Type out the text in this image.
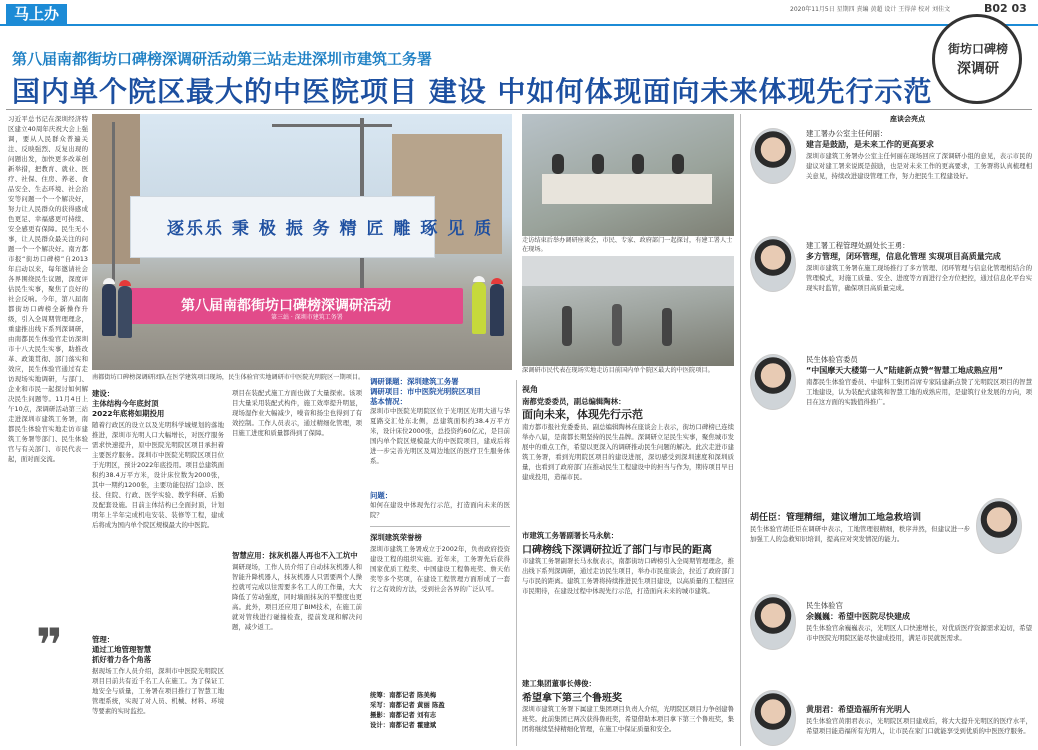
马上办	2020年11月5日 星期四 責編 黄超 设计 王得萍 校对 刘佳文	B02 03
街坊口碑榜
深调研
第八届南都街坊口碑榜深调研活动第三站走进深圳市建筑工务署
国内单个院区最大的中医院项目 建设 中如何体现面向未来体现先行示范
习近平总书记在深圳经济特区建立40周年庆祝大会上强调，要从人民群众普遍关注、反映强烈、反复出现的问题出发，加快更多改革创新举措，把教育、就业、医疗、社保、住房、养老、食品安全、生态环境、社会治安等问题一个一个解决好，努力让人民群众的获得感成色更足、幸福感更可持续、安全感更有保障。民生无小事，让人民群众最关注的问题一个一个解决好。南方都市报“街坊口碑榜”自2013年启动以来，每年邀请社会各界围绕民生议题，深度评估民生实事，聚焦了良好的社会反响。今年，第八届南都街坊口碑榜全新操作升级，引入全周期管理理念，重建推出线下系列深调研，由南都民生体验官走访深圳市十八大民生实事，助推改革、政策贯彻、部门落实和效应，民生体验官通过有走访现场实地调研，与部门、企业和市民一起探讨如何解决民生问题等。11月4日上午10点，深调研活动第三站走进深圳市建筑工务署，南都民生体验官实地走访市建筑工务署等部门、民生体验官与有关部门、市民代表一起，面对面交流。
❞
逐乐乐 秉 极 振 务 精 匠 雕 琢 见 质
第八届南都街坊口碑榜深调研活动
第三站 · 深圳市建筑工务署
南都街坊口碑榜深调研团队在医学建筑项目现场，民生体验官实地调研市中医院光明院区一期项目。
走访结束后举办调研座谈会，市民、专家、政府部门一起探讨，有建工署人士在现场。
深调研市民代表在现场实地走访目前国内单个院区最大的中医院项目。
建设：
主体结构今年底封顶
2022年底将如期投用
随着行政区的设立以及光明科学城规划的落地推进，深圳市光明人口大幅增长，对医疗服务需求快速提升，原中医院光明院区项目承担着主要医疗服务。深圳市中医院光明院区项目位于光明区，预计2022年底投用。项目总建筑面积约38.4万平方米，设计床位数为2000张，其中一期约1200张，主要功能包括门急诊、医技、住院、行政、医学实验、教学科研、后勤及配套设施。目前主体结构已全面封顶，计划明年上半年完成机电安装、装修等工程，建成后将成为国内单个院区规模最大的中医院。
管理：
通过工地管理智慧
抓好着力各个角落
据现场工作人员介绍，深圳市中医院光明院区项目目前共有近千名工人在施工。为了保证工地安全与质量，工务署在项目推行了智慧工地管理系统，实现了对人员、机械、材料、环境等要素的实时监控。
项目在装配式施工方面也做了大量探索。该项目大量采用装配式构件，施工效率提升明显，现场湿作业大幅减少，噪音和扬尘也得到了有效控制。工作人员表示，通过精细化管理，项目施工进度和质量都得到了保障。
智慧应用：抹灰机器人再也不入工坑中
调研现场，工作人员介绍了自动抹灰机器人和智能升降机器人，抹灰机器人只需要两个人操控就可完成以往需要多名工人的工作量，大大降低了劳动强度，同时墙面抹灰的平整度也更高。此外，项目还应用了BIM技术，在施工前就对管线进行碰撞检查，提前发现和解决问题，减少返工。
调研课题：深圳建筑工务署
调研项目：市中医院光明院区项目
基本情况：
深圳市中医院光明院区位于光明区光明大道与华夏路交汇处东北侧，总建筑面积约38.4万平方米，设计床位2000张，总投资约60亿元，是目前国内单个院区规模最大的中医院项目，建成后将进一步完善光明区及周边地区的医疗卫生服务体系。
问题：
如何在建设中体现先行示范，打造面向未来的医院？
深圳建筑荣誉榜
深圳市建筑工务署成立于2002年，负责政府投资建设工程的组织实施。近年来，工务署先后获得国家优质工程奖、中国建设工程鲁班奖、詹天佑奖等多个奖项，在建设工程管理方面形成了一套行之有效的方法，受到社会各界的广泛认可。
统筹：南都记者 陈美梅
采写：南都记者 黄丽 陈盈
摄影：南都记者 刘有志
设计：南都记者 霍建斌
视角
南都党委委员，副总编辑陶林：
面向未来，体现先行示范
南方都市报社党委委员、副总编辑陶林在座谈会上表示，街坊口碑榜已连续举办八届，是南都长期坚持的民生品牌。深调研立足民生实事，聚焦城市发展中的重点工作，希望以更深入的调研推动民生问题的解决。此次走进市建筑工务署，看到光明院区项目的建设进展，深切感受到深圳速度和深圳质量，也看到了政府部门在推动民生工程建设中的担当与作为，期待项目早日建成投用，造福市民。
市建筑工务署副署长马永航：
口碑榜线下深调研拉近了部门与市民的距离
市建筑工务署副署长马永航表示，南都街坊口碑榜引入全周期管理理念，推出线下系列深调研，通过走访民生项目，举办市民座谈会，拉近了政府部门与市民的距离。建筑工务署将持续推进民生项目建设，以高质量的工程回应市民期待，在建设过程中体现先行示范，打造面向未来的城市建筑。
建工集团董事长傅俊：
希望拿下第三个鲁班奖
深圳市建筑工务署下属建工集团项目负责人介绍，光明院区项目力争创建鲁班奖。此前集团已两次获得鲁班奖，希望借助本项目拿下第三个鲁班奖，集团将继续坚持精细化管理，在施工中保证质量和安全。
座谈会亮点
建工署办公室主任何丽：
建言是鼓励，是未来工作的更高要求
深圳市建筑工务署办公室主任何丽在现场回应了深调研小组的意见，表示市民的建议对建工署来说既是鼓励，也是对未来工作的更高要求，工务署将认真梳理相关意见，持续改进建设管理工作，努力把民生工程建设好。
建工署工程管理处副处长王勇：
多方管理，闭环管理，信息化管理 实现项目高质量完成
深圳市建筑工务署在施工现场推行了多方管理、闭环管理与信息化管理相结合的管理模式，对施工质量、安全、进度等方面进行全方位把控，通过信息化平台实现实时监管，确保项目高质量完成。
民生体验官委员
“中国摩天大楼第一人”陆建新点赞“智慧工地成熟应用”
南都民生体验官委员、中建科工集团首席专家陆建新点赞了光明院区项目的智慧工地建设，认为装配式建筑和智慧工地的成熟应用，是建筑行业发展的方向，项目在这方面的实践值得推广。
胡任臣：管理精细，建议增加工地急救培训
民生体验官胡任臣在调研中表示，工地管理很精细，秩序井然，但建议进一步加强工人的急救知识培训，提高应对突发情况的能力。
民生体验官
余巍巍：希望中医院尽快建成
民生体验官余巍巍表示，光明区人口快速增长，对优质医疗资源需求迫切，希望市中医院光明院区能尽快建成投用，满足市民就医需求。
黄朋君：希望造福所有光明人
民生体验官黄朋君表示，光明院区项目建成后，将大大提升光明区的医疗水平，希望项目能造福所有光明人，让市民在家门口就能享受到优质的中医医疗服务。
